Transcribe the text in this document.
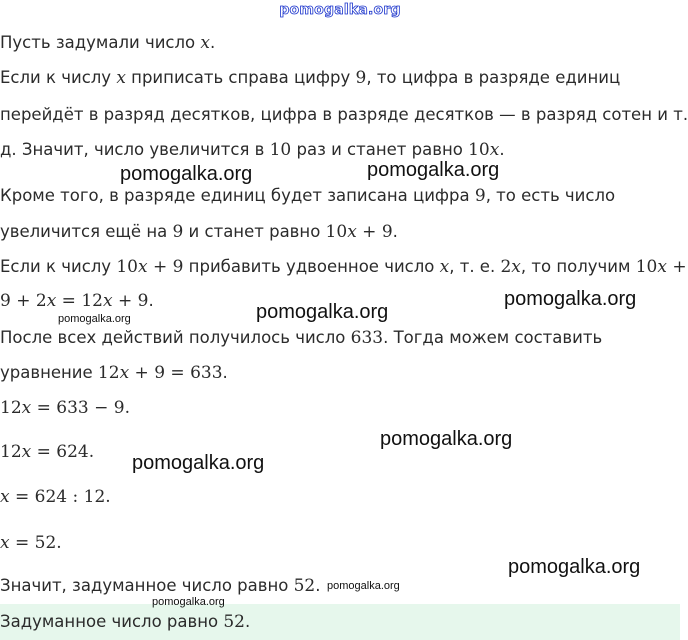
pomogalka.org
Пусть задумали число x.
Если к числу x приписать справа цифру 9, то цифра в разряде единиц
перейдёт в разряд десятков, цифра в разряде десятков — в разряд сотен и т.
д. Значит, число увеличится в 10 раз и станет равно 10x.
Кроме того, в разряде единиц будет записана цифра 9, то есть число
увеличится ещё на 9 и станет равно 10x + 9.
Если к числу 10x + 9 прибавить удвоенное число x, т. е. 2x, то получим 10x +
9 + 2x = 12x + 9.
После всех действий получилось число 633. Тогда можем составить
уравнение 12x + 9 = 633.
12x = 633 − 9.
12x = 624.
x = 624 : 12.
x = 52.
Значит, задуманное число равно 52.
Задуманное число равно 52.
pomogalka.org	pomogalka.org
pomogalka.org
pomogalka.org
pomogalka.org
pomogalka.org
pomogalka.org
pomogalka.org
pomogalka.org
pomogalka.org
